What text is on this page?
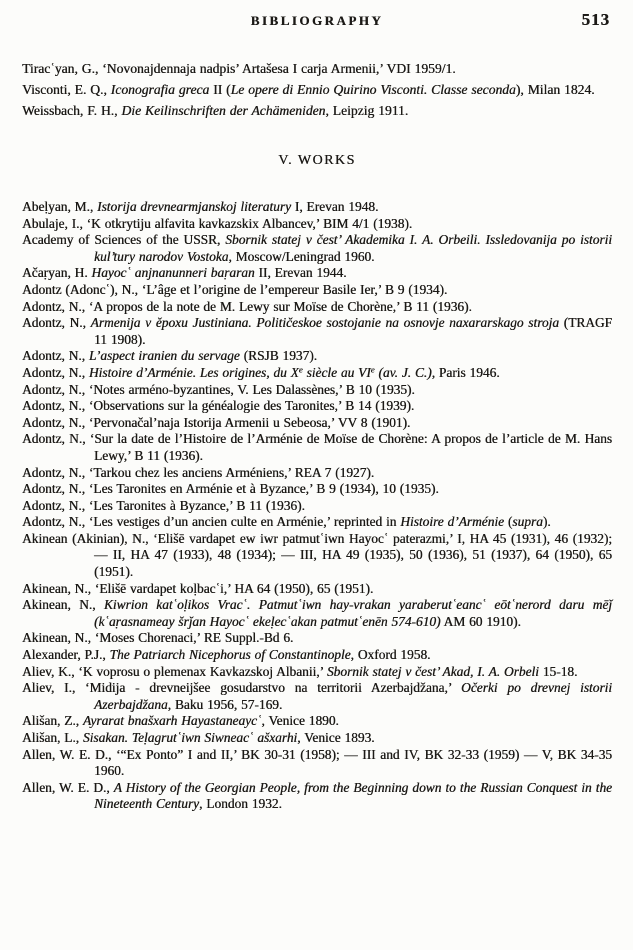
BIBLIOGRAPHY	513
Tiracʿyan, G., ‘Novonajdennaja nadpis’ Artašesa I carja Armenii,’ VDI 1959/1.
Visconti, E. Q., Iconografia greca II (Le opere di Ennio Quirino Visconti. Classe seconda), Milan 1824.
Weissbach, F. H., Die Keilinschriften der Achämeniden, Leipzig 1911.
V. WORKS
Abeḷyan, M., Istorija drevnearmjanskoj literatury I, Erevan 1948.
Abulaje, I., ‘K otkrytiju alfavita kavkazskix Albancev,’ BIM 4/1 (1938).
Academy of Sciences of the USSR, Sbornik statej v čest’ Akademika I. A. Orbeili. Issledovanija po istorii kul’tury narodov Vostoka, Moscow/Leningrad 1960.
Ačaṛyan, H. Hayocʿ anjnanunneri baṛaran II, Erevan 1944.
Adontz (Adoncʿ), N., ‘L’âge et l’origine de l’empereur Basile Ier,’ B 9 (1934).
Adontz, N., ‘A propos de la note de M. Lewy sur Moïse de Chorène,’ B 11 (1936).
Adontz, N., Armenija v ěpoxu Justiniana. Političeskoe sostojanie na osnovje naxararskago stroja (TRAGF 11 1908).
Adontz, N., L’aspect iranien du servage (RSJB 1937).
Adontz, N., Histoire d’Arménie. Les origines, du Xe siècle au VIe (av. J. C.), Paris 1946.
Adontz, N., ‘Notes arméno-byzantines, V. Les Dalassènes,’ B 10 (1935).
Adontz, N., ‘Observations sur la généalogie des Taronites,’ B 14 (1939).
Adontz, N., ‘Pervonačal’naja Istorija Armenii u Sebeosa,’ VV 8 (1901).
Adontz, N., ‘Sur la date de l’Histoire de l’Arménie de Moïse de Chorène: A propos de l’article de M. Hans Lewy,’ B 11 (1936).
Adontz, N., ‘Tarkou chez les anciens Arméniens,’ REA 7 (1927).
Adontz, N., ‘Les Taronites en Arménie et à Byzance,’ B 9 (1934), 10 (1935).
Adontz, N., ‘Les Taronites à Byzance,’ B 11 (1936).
Adontz, N., ‘Les vestiges d’un ancien culte en Arménie,’ reprinted in Histoire d’Arménie (supra).
Akinean (Akinian), N., ‘Elišē vardapet ew iwr patmutʿiwn Hayocʿ paterazmi,’ I, HA 45 (1931), 46 (1932); — II, HA 47 (1933), 48 (1934); — III, HA 49 (1935), 50 (1936), 51 (1937), 64 (1950), 65 (1951).
Akinean, N., ‘Elišē vardapet koḷbacʿi,’ HA 64 (1950), 65 (1951).
Akinean, N., Kiwrion katʿoḷikos Vracʿ. Patmutʿiwn hay-vrakan yaraberutʿeancʿ eōtʿnerord daru mēǰ (kʿaṛasnameay šrǰan Hayocʿ ekeḷecʿakan patmutʿenēn 574-610) AM 60 1910).
Akinean, N., ‘Moses Chorenaci,’ RE Suppl.-Bd 6.
Alexander, P.J., The Patriarch Nicephorus of Constantinople, Oxford 1958.
Aliev, K., ‘K voprosu o plemenax Kavkazskoj Albanii,’ Sbornik statej v čest’ Akad, I. A. Orbeli 15-18.
Aliev, I., ‘Midija - drevneijšee gosudarstvo na territorii Azerbajdžana,’ Očerki po drevnej istorii Azerbajdžana, Baku 1956, 57-169.
Ališan, Z., Ayrarat bnašxarh Hayastaneaycʿ, Venice 1890.
Ališan, L., Sisakan. Teḷagrutʿiwn Siwneacʿ ašxarhi, Venice 1893.
Allen, W. E. D., ‘“Ex Ponto” I and II,’ BK 30-31 (1958); — III and IV, BK 32-33 (1959) — V, BK 34-35 1960.
Allen, W. E. D., A History of the Georgian People, from the Beginning down to the Russian Conquest in the Nineteenth Century, London 1932.
